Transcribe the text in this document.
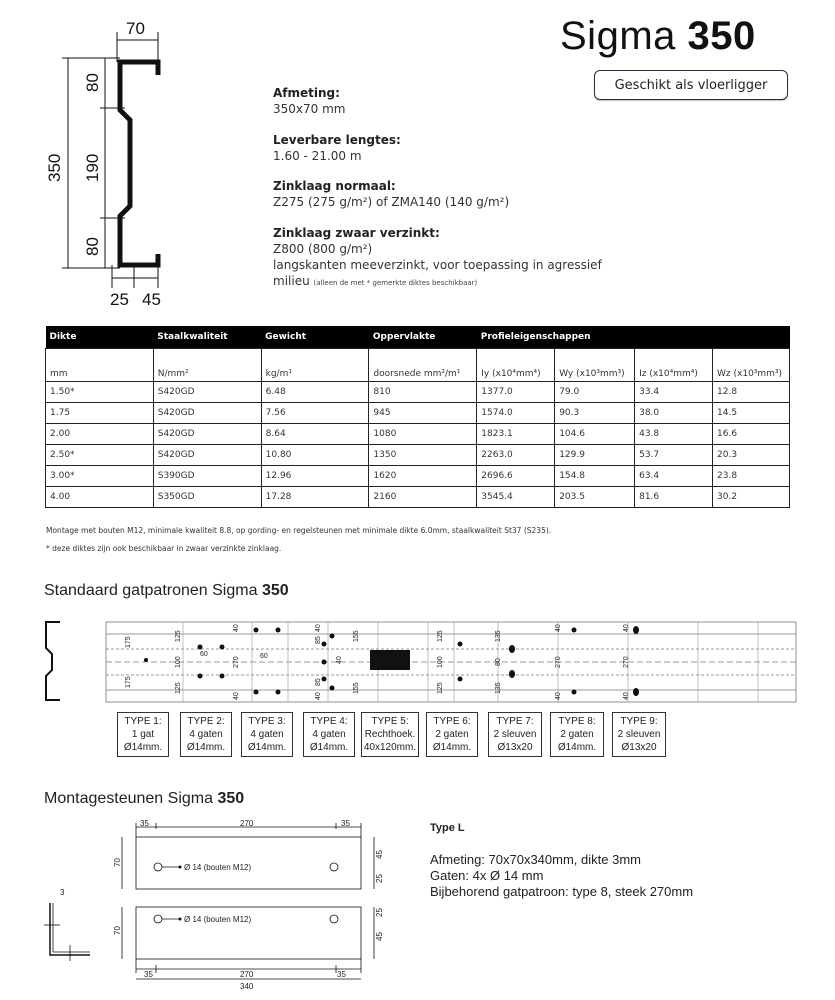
Sigma 350
Geschikt als vloerligger
70
350
80
190
80
25 45
Afmeting:
350x70 mm
Leverbare lengtes:
1.60 - 21.00 m
Zinklaag normaal:
Z275 (275 g/m²) of ZMA140 (140 g/m²)
Zinklaag zwaar verzinkt:
Z800 (800 g/m²)
langskanten meeverzinkt, voor toepassing in agressief
milieu (alleen de met * gemerkte diktes beschikbaar)
Dikte	Staalkwaliteit	Gewicht	Oppervlakte	Profieleigenschappen			
mm	N/mm²	kg/m¹	doorsnede mm²/m¹	Iy (x10⁴mm⁴)	Wy (x10³mm³)	Iz (x10⁴mm⁴)	Wz (x10³mm³)
1.50*	S420GD	6.48	810	1377.0	79.0	33.4	12.8
1.75	S420GD	7.56	945	1574.0	90.3	38.0	14.5
2.00	S420GD	8.64	1080	1823.1	104.6	43.8	16.6
2.50*	S420GD	10.80	1350	2263.0	129.9	53.7	20.3
3.00*	S390GD	12.96	1620	2696.6	154.8	63.4	23.8
4.00	S350GD	17.28	2160	3545.4	203.5	81.6	30.2
Montage met bouten M12, minimale kwaliteit 8.8, op gording- en regelsteunen met minimale dikte 6.0mm, staalkwaliteit St37 (S235).
* deze diktes zijn ook beschikbaar in zwaar verzinkte zinklaag.
Standaard gatpatronen Sigma 350
175
175
125
100
125
60
40
270
40
60
40
85
85
40
40
155
155
125
100
125
135
80
135
40
270
40
40
270
40
TYPE 1:
1 gat
Ø14mm.
TYPE 2:
4 gaten
Ø14mm.
TYPE 3:
4 gaten
Ø14mm.
TYPE 4:
4 gaten
Ø14mm.
TYPE 5:
Rechthoek.
40x120mm.
TYPE 6:
2 gaten
Ø14mm.
TYPE 7:
2 sleuven
Ø13x20
TYPE 8:
2 gaten
Ø14mm.
TYPE 9:
2 sleuven
Ø13x20
Montagesteunen Sigma 350
35	270	35
70
45
25
Ø 14 (bouten M12)
Ø 14 (bouten M12)
70
25
45
35	270	35
340
3
Type L
Afmeting: 70x70x340mm, dikte 3mm
Gaten: 4x Ø 14 mm
Bijbehorend gatpatroon: type 8, steek 270mm
